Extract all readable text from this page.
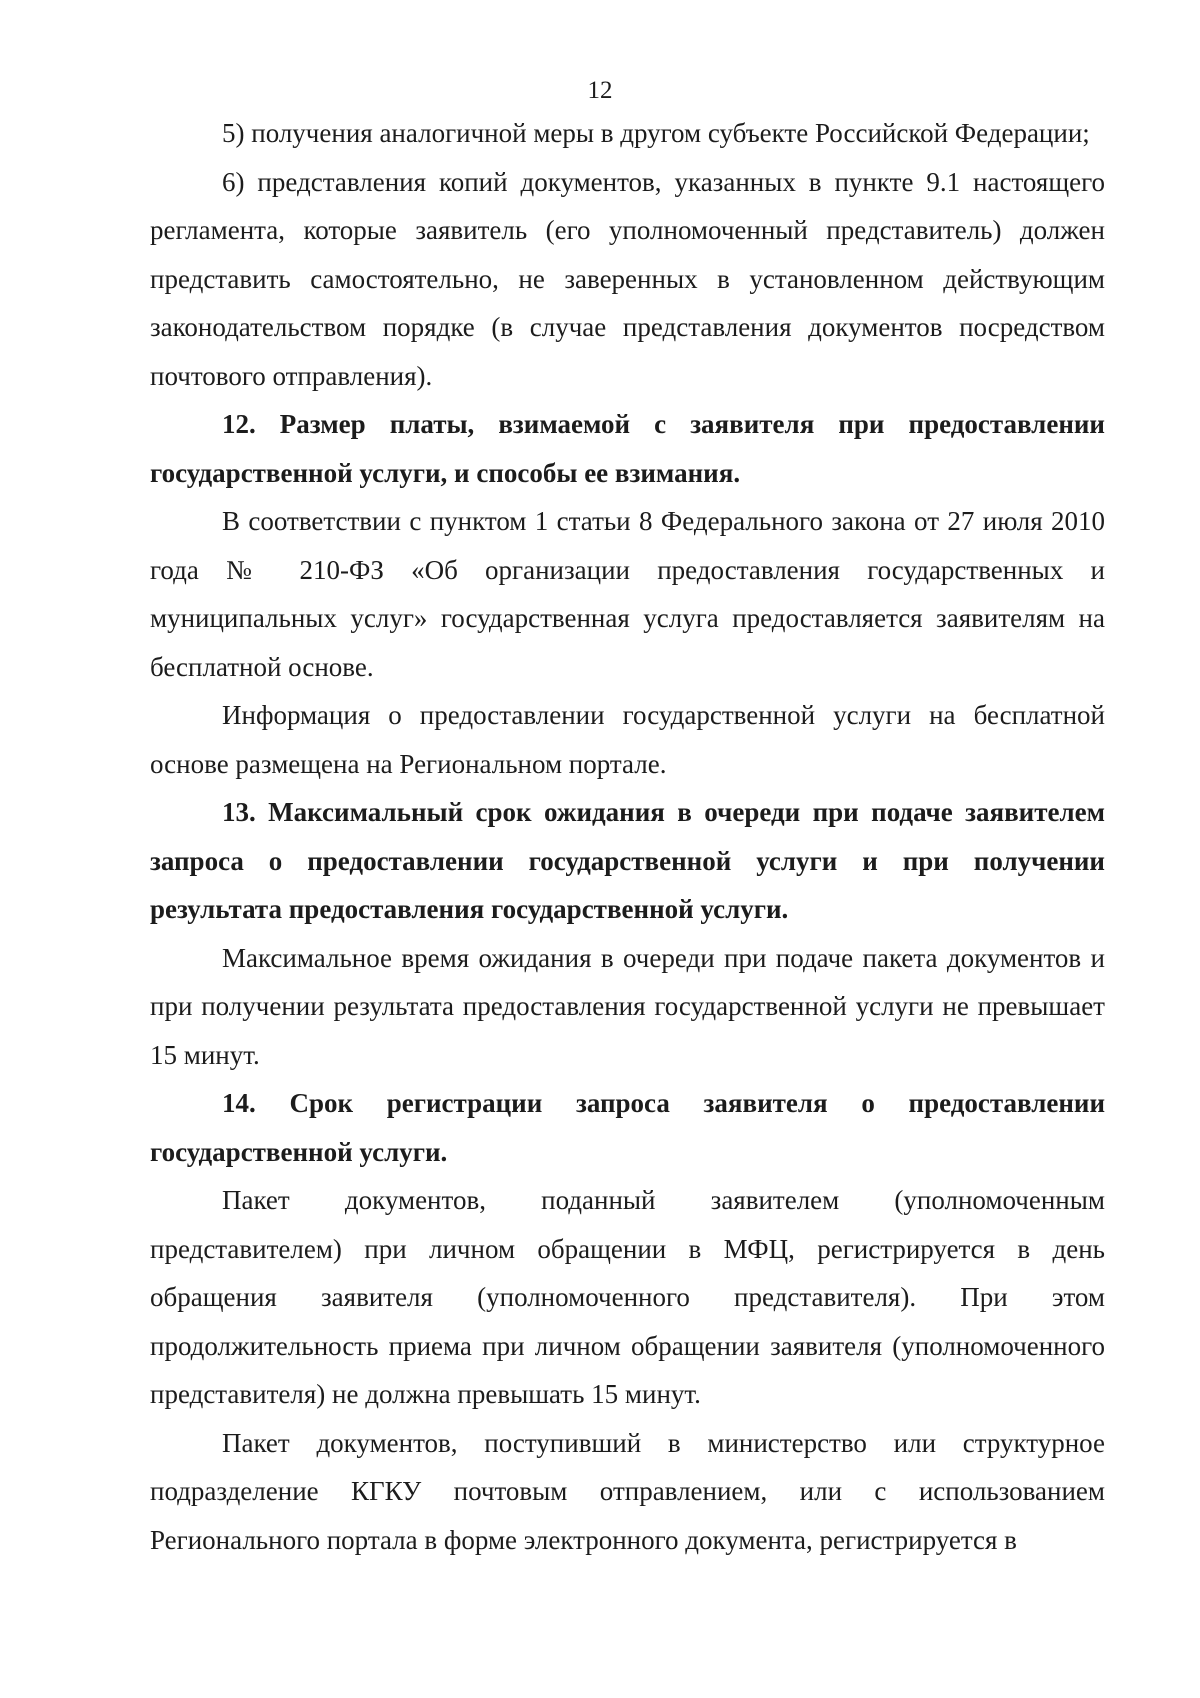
12

5) получения аналогичной меры в другом субъекте Российской Федерации;

6) представления копий документов, указанных в пункте 9.1 настоящего регламента, которые заявитель (его уполномоченный представитель) должен представить самостоятельно, не заверенных в установленном действующим законодательством порядке (в случае представления документов посредством почтового отправления).

12. Размер платы, взимаемой с заявителя при предоставлении государственной услуги, и способы ее взимания.

В соответствии с пунктом 1 статьи 8 Федерального закона от 27 июля 2010 года № 210-ФЗ «Об организации предоставления государственных и муниципальных услуг» государственная услуга предоставляется заявителям на бесплатной основе.

Информация о предоставлении государственной услуги на бесплатной основе размещена на Региональном портале.

13. Максимальный срок ожидания в очереди при подаче заявителем запроса о предоставлении государственной услуги и при получении результата предоставления государственной услуги.

Максимальное время ожидания в очереди при подаче пакета документов и при получении результата предоставления государственной услуги не превышает 15 минут.

14. Срок регистрации запроса заявителя о предоставлении государственной услуги.

Пакет документов, поданный заявителем (уполномоченным представителем) при личном обращении в МФЦ, регистрируется в день обращения заявителя (уполномоченного представителя). При этом продолжительность приема при личном обращении заявителя (уполномоченного представителя) не должна превышать 15 минут.

Пакет документов, поступивший в министерство или структурное подразделение КГКУ почтовым отправлением, или с использованием Регионального портала в форме электронного документа, регистрируется в
